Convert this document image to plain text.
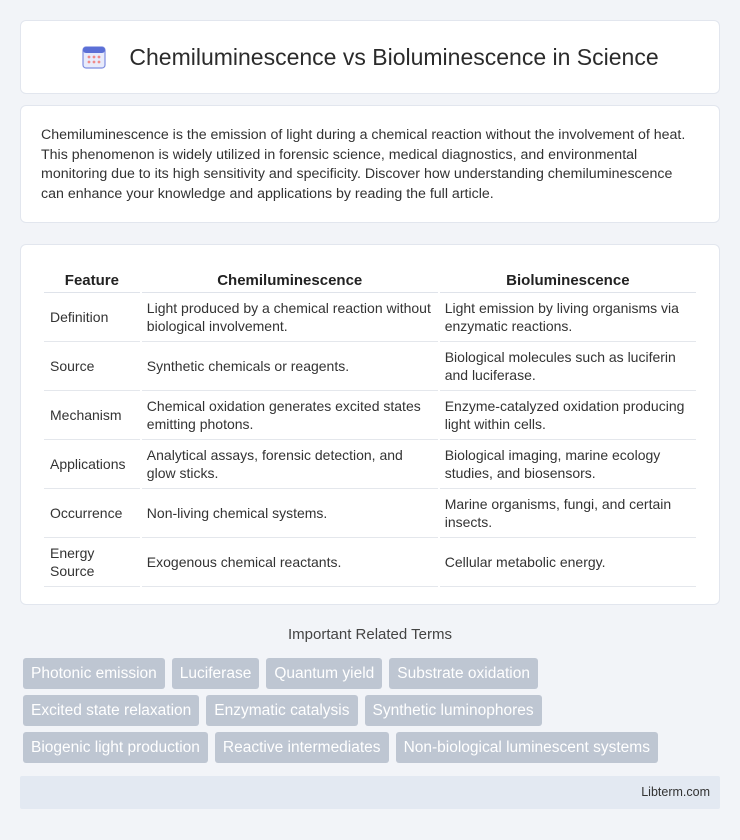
Chemiluminescence vs Bioluminescence in Science

Chemiluminescence is the emission of light during a chemical reaction without the involvement of heat. This phenomenon is widely utilized in forensic science, medical diagnostics, and environmental monitoring due to its high sensitivity and specificity. Discover how understanding chemiluminescence can enhance your knowledge and applications by reading the full article.

Feature	Chemiluminescence	Bioluminescence
Definition	Light produced by a chemical reaction without biological involvement.	Light emission by living organisms via enzymatic reactions.
Source	Synthetic chemicals or reagents.	Biological molecules such as luciferin and luciferase.
Mechanism	Chemical oxidation generates excited states emitting photons.	Enzyme-catalyzed oxidation producing light within cells.
Applications	Analytical assays, forensic detection, and glow sticks.	Biological imaging, marine ecology studies, and biosensors.
Occurrence	Non-living chemical systems.	Marine organisms, fungi, and certain insects.
Energy Source	Exogenous chemical reactants.	Cellular metabolic energy.
Important Related Terms
Photonic emission	Luciferase	Quantum yield	Substrate oxidation
Excited state relaxation	Enzymatic catalysis	Synthetic luminophores
Biogenic light production	Reactive intermediates	Non-biological luminescent systems
Libterm.com
